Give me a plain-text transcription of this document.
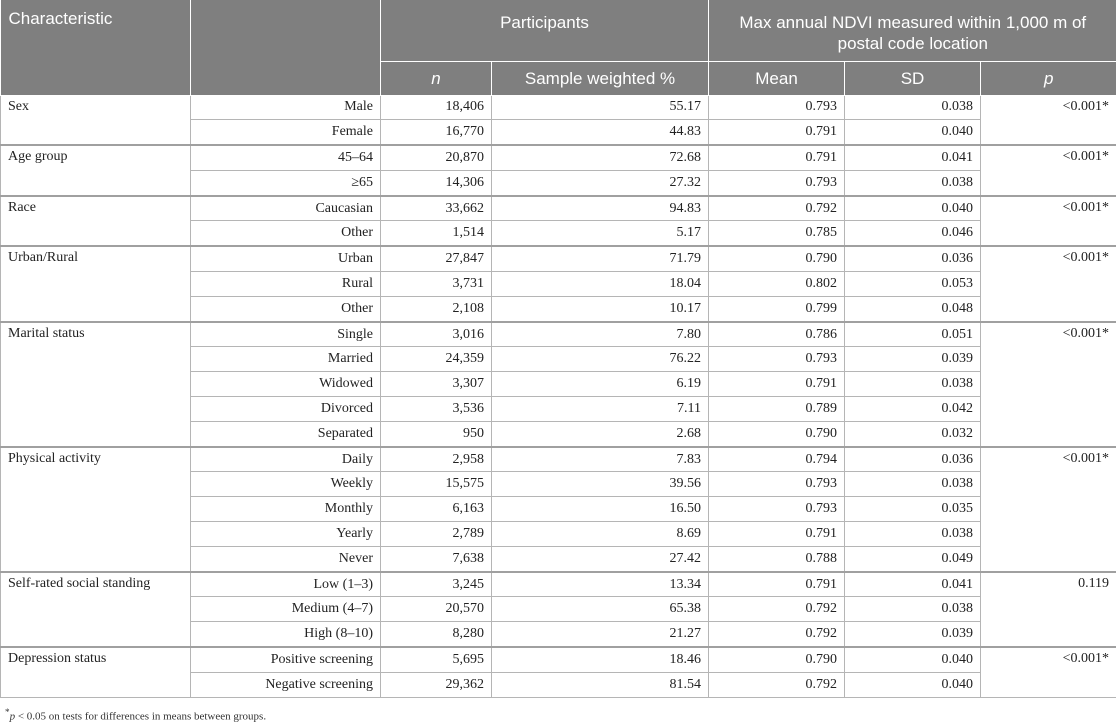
Characteristic		Participants		Max annual NDVI measured within 1,000 m of postal code location		
		n	Sample weighted %	Mean	SD	p
Sex	Male	18,406	55.17	0.793	0.038	<0.001*
	Female	16,770	44.83	0.791	0.040	
Age group	45–64	20,870	72.68	0.791	0.041	<0.001*
	≥65	14,306	27.32	0.793	0.038	
Race	Caucasian	33,662	94.83	0.792	0.040	<0.001*
	Other	1,514	5.17	0.785	0.046	
Urban/Rural	Urban	27,847	71.79	0.790	0.036	<0.001*
	Rural	3,731	18.04	0.802	0.053	
	Other	2,108	10.17	0.799	0.048	
Marital status	Single	3,016	7.80	0.786	0.051	<0.001*
	Married	24,359	76.22	0.793	0.039	
	Widowed	3,307	6.19	0.791	0.038	
	Divorced	3,536	7.11	0.789	0.042	
	Separated	950	2.68	0.790	0.032	
Physical activity	Daily	2,958	7.83	0.794	0.036	<0.001*
	Weekly	15,575	39.56	0.793	0.038	
	Monthly	6,163	16.50	0.793	0.035	
	Yearly	2,789	8.69	0.791	0.038	
	Never	7,638	27.42	0.788	0.049	
Self-rated social standing	Low (1–3)	3,245	13.34	0.791	0.041	0.119
	Medium (4–7)	20,570	65.38	0.792	0.038	
	High (8–10)	8,280	21.27	0.792	0.039	
Depression status	Positive screening	5,695	18.46	0.790	0.040	<0.001*
	Negative screening	29,362	81.54	0.792	0.040	
*p < 0.05 on tests for differences in means between groups.
